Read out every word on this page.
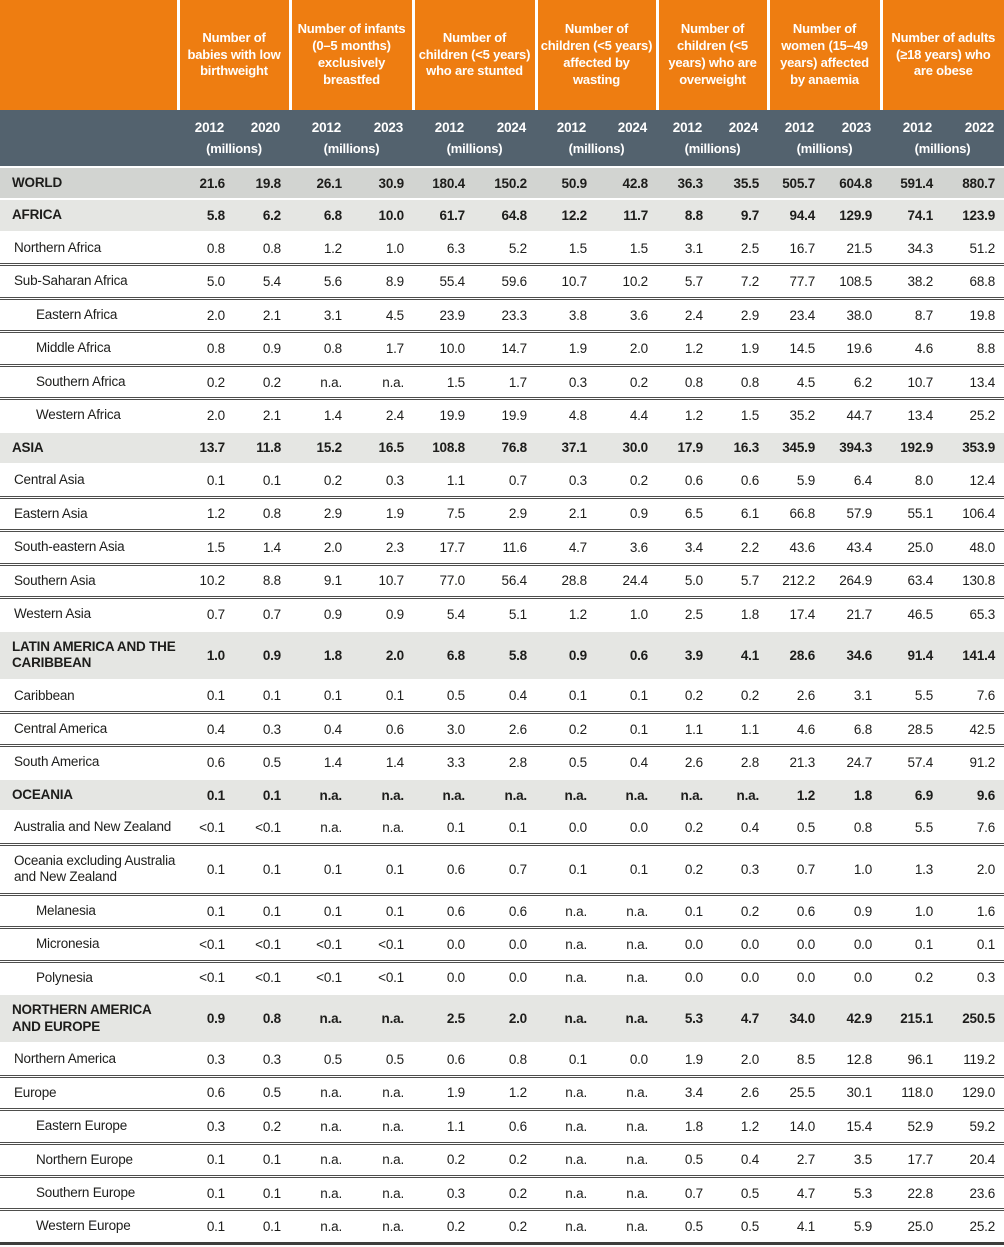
	Number of babies with low birthweight		Number of infants (0–5 months) exclusively breastfed		Number of children (<5 years) who are stunted		Number of children (<5 years) affected by wasting		Number of children (<5 years) who are overweight		Number of women (15–49 years) affected by anaemia		Number of adults (≥18 years) who are obese	
	2012	2020	2012	2023	2012	2024	2012	2024	2012	2024	2012	2023	2012	2022
	(millions)		(millions)		(millions)		(millions)		(millions)		(millions)		(millions)	
WORLD	21.6	19.8	26.1	30.9	180.4	150.2	50.9	42.8	36.3	35.5	505.7	604.8	591.4	880.7
AFRICA	5.8	6.2	6.8	10.0	61.7	64.8	12.2	11.7	8.8	9.7	94.4	129.9	74.1	123.9
Northern Africa	0.8	0.8	1.2	1.0	6.3	5.2	1.5	1.5	3.1	2.5	16.7	21.5	34.3	51.2
Sub-Saharan Africa	5.0	5.4	5.6	8.9	55.4	59.6	10.7	10.2	5.7	7.2	77.7	108.5	38.2	68.8
Eastern Africa	2.0	2.1	3.1	4.5	23.9	23.3	3.8	3.6	2.4	2.9	23.4	38.0	8.7	19.8
Middle Africa	0.8	0.9	0.8	1.7	10.0	14.7	1.9	2.0	1.2	1.9	14.5	19.6	4.6	8.8
Southern Africa	0.2	0.2	n.a.	n.a.	1.5	1.7	0.3	0.2	0.8	0.8	4.5	6.2	10.7	13.4
Western Africa	2.0	2.1	1.4	2.4	19.9	19.9	4.8	4.4	1.2	1.5	35.2	44.7	13.4	25.2
ASIA	13.7	11.8	15.2	16.5	108.8	76.8	37.1	30.0	17.9	16.3	345.9	394.3	192.9	353.9
Central Asia	0.1	0.1	0.2	0.3	1.1	0.7	0.3	0.2	0.6	0.6	5.9	6.4	8.0	12.4
Eastern Asia	1.2	0.8	2.9	1.9	7.5	2.9	2.1	0.9	6.5	6.1	66.8	57.9	55.1	106.4
South-eastern Asia	1.5	1.4	2.0	2.3	17.7	11.6	4.7	3.6	3.4	2.2	43.6	43.4	25.0	48.0
Southern Asia	10.2	8.8	9.1	10.7	77.0	56.4	28.8	24.4	5.0	5.7	212.2	264.9	63.4	130.8
Western Asia	0.7	0.7	0.9	0.9	5.4	5.1	1.2	1.0	2.5	1.8	17.4	21.7	46.5	65.3
LATIN AMERICA AND THE CARIBBEAN	1.0	0.9	1.8	2.0	6.8	5.8	0.9	0.6	3.9	4.1	28.6	34.6	91.4	141.4
Caribbean	0.1	0.1	0.1	0.1	0.5	0.4	0.1	0.1	0.2	0.2	2.6	3.1	5.5	7.6
Central America	0.4	0.3	0.4	0.6	3.0	2.6	0.2	0.1	1.1	1.1	4.6	6.8	28.5	42.5
South America	0.6	0.5	1.4	1.4	3.3	2.8	0.5	0.4	2.6	2.8	21.3	24.7	57.4	91.2
OCEANIA	0.1	0.1	n.a.	n.a.	n.a.	n.a.	n.a.	n.a.	n.a.	n.a.	1.2	1.8	6.9	9.6
Australia and New Zealand	<0.1	<0.1	n.a.	n.a.	0.1	0.1	0.0	0.0	0.2	0.4	0.5	0.8	5.5	7.6
Oceania excluding Australia and New Zealand	0.1	0.1	0.1	0.1	0.6	0.7	0.1	0.1	0.2	0.3	0.7	1.0	1.3	2.0
Melanesia	0.1	0.1	0.1	0.1	0.6	0.6	n.a.	n.a.	0.1	0.2	0.6	0.9	1.0	1.6
Micronesia	<0.1	<0.1	<0.1	<0.1	0.0	0.0	n.a.	n.a.	0.0	0.0	0.0	0.0	0.1	0.1
Polynesia	<0.1	<0.1	<0.1	<0.1	0.0	0.0	n.a.	n.a.	0.0	0.0	0.0	0.0	0.2	0.3
NORTHERN AMERICA AND EUROPE	0.9	0.8	n.a.	n.a.	2.5	2.0	n.a.	n.a.	5.3	4.7	34.0	42.9	215.1	250.5
Northern America	0.3	0.3	0.5	0.5	0.6	0.8	0.1	0.0	1.9	2.0	8.5	12.8	96.1	119.2
Europe	0.6	0.5	n.a.	n.a.	1.9	1.2	n.a.	n.a.	3.4	2.6	25.5	30.1	118.0	129.0
Eastern Europe	0.3	0.2	n.a.	n.a.	1.1	0.6	n.a.	n.a.	1.8	1.2	14.0	15.4	52.9	59.2
Northern Europe	0.1	0.1	n.a.	n.a.	0.2	0.2	n.a.	n.a.	0.5	0.4	2.7	3.5	17.7	20.4
Southern Europe	0.1	0.1	n.a.	n.a.	0.3	0.2	n.a.	n.a.	0.7	0.5	4.7	5.3	22.8	23.6
Western Europe	0.1	0.1	n.a.	n.a.	0.2	0.2	n.a.	n.a.	0.5	0.5	4.1	5.9	25.0	25.2
